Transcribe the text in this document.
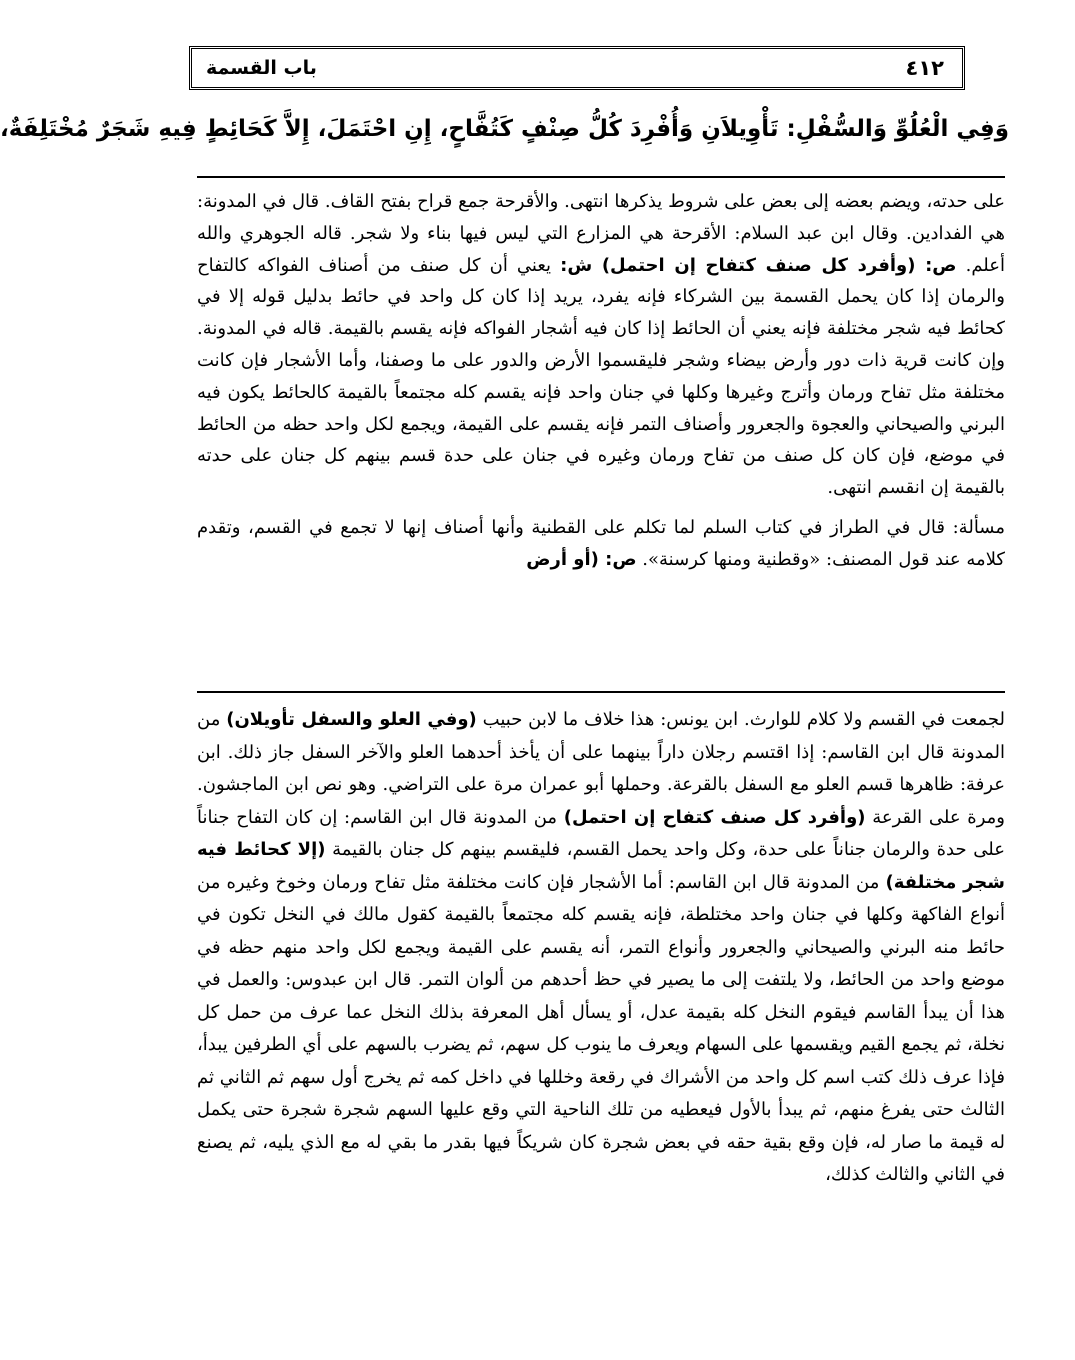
باب القسمة	٤١٢
وَفِي الْعُلُوِّ وَالسُّفْلِ: تَأْوِيلاَنِ وَأُفْرِدَ كُلُّ صِنْفٍ كَتُفَّاحٍ، إِنِ احْتَمَلَ، إِلاَّ كَحَائِطٍ فِيهِ شَجَرٌ مُخْتَلِفَةٌ،

على حدته، ويضم بعضه إلى بعض على شروط يذكرها انتهى. والأقرحة جمع قراح بفتح القاف. قال في المدونة: هي الفدادين. وقال ابن عبد السلام: الأقرحة هي المزارع التي ليس فيها بناء ولا شجر. قاله الجوهري والله أعلم. ص: (وأفرد كل صنف كتفاح إن احتمل) ش: يعني أن كل صنف من أصناف الفواكه كالتفاح والرمان إذا كان يحمل القسمة بين الشركاء فإنه يفرد، يريد إذا كان كل واحد في حائط بدليل قوله إلا في كحائط فيه شجر مختلفة فإنه يعني أن الحائط إذا كان فيه أشجار الفواكه فإنه يقسم بالقيمة. قاله في المدونة. وإن كانت قرية ذات دور وأرض بيضاء وشجر فليقسموا الأرض والدور على ما وصفنا، وأما الأشجار فإن كانت مختلفة مثل تفاح ورمان وأترج وغيرها وكلها في جنان واحد فإنه يقسم كله مجتمعاً بالقيمة كالحائط يكون فيه البرني والصيحاني والعجوة والجعرور وأصناف التمر فإنه يقسم على القيمة، ويجمع لكل واحد حظه من الحائط في موضع، فإن كان كل صنف من تفاح ورمان وغيره في جنان على حدة قسم بينهم كل جنان على حدته بالقيمة إن انقسم انتهى.

مسألة: قال في الطراز في كتاب السلم لما تكلم على القطنية وأنها أصناف إنها لا تجمع في القسم، وتقدم كلامه عند قول المصنف: «وقطنية ومنها كرسنة». ص: (أو أرض

لجمعت في القسم ولا كلام للوارث. ابن يونس: هذا خلاف ما لابن حبيب (وفي العلو والسفل تأويلان) من المدونة قال ابن القاسم: إذا اقتسم رجلان داراً بينهما على أن يأخذ أحدهما العلو والآخر السفل جاز ذلك. ابن عرفة: ظاهرها قسم العلو مع السفل بالقرعة. وحملها أبو عمران مرة على التراضي. وهو نص ابن الماجشون. ومرة على القرعة (وأفرد كل صنف كتفاح إن احتمل) من المدونة قال ابن القاسم: إن كان التفاح جناناً على حدة والرمان جناناً على حدة، وكل واحد يحمل القسم، فليقسم بينهم كل جنان بالقيمة (إلا كحائط فيه شجر مختلفة) من المدونة قال ابن القاسم: أما الأشجار فإن كانت مختلفة مثل تفاح ورمان وخوخ وغيره من أنواع الفاكهة وكلها في جنان واحد مختلطة، فإنه يقسم كله مجتمعاً بالقيمة كقول مالك في النخل تكون في حائط منه البرني والصيحاني والجعرور وأنواع التمر، أنه يقسم على القيمة ويجمع لكل واحد منهم حظه في موضع واحد من الحائط، ولا يلتفت إلى ما يصير في حظ أحدهم من ألوان التمر. قال ابن عبدوس: والعمل في هذا أن يبدأ القاسم فيقوم النخل كله بقيمة عدل، أو يسأل أهل المعرفة بذلك النخل عما عرف من حمل كل نخلة، ثم يجمع القيم ويقسمها على السهام ويعرف ما ينوب كل سهم، ثم يضرب بالسهم على أي الطرفين يبدأ، فإذا عرف ذلك كتب اسم كل واحد من الأشراك في رقعة وخللها في داخل كمه ثم يخرج أول سهم ثم الثاني ثم الثالث حتى يفرغ منهم، ثم يبدأ بالأول فيعطيه من تلك الناحية التي وقع عليها السهم شجرة شجرة حتى يكمل له قيمة ما صار له، فإن وقع بقية حقه في بعض شجرة كان شريكاً فيها بقدر ما بقي له مع الذي يليه، ثم يصنع في الثاني والثالث كذلك،
